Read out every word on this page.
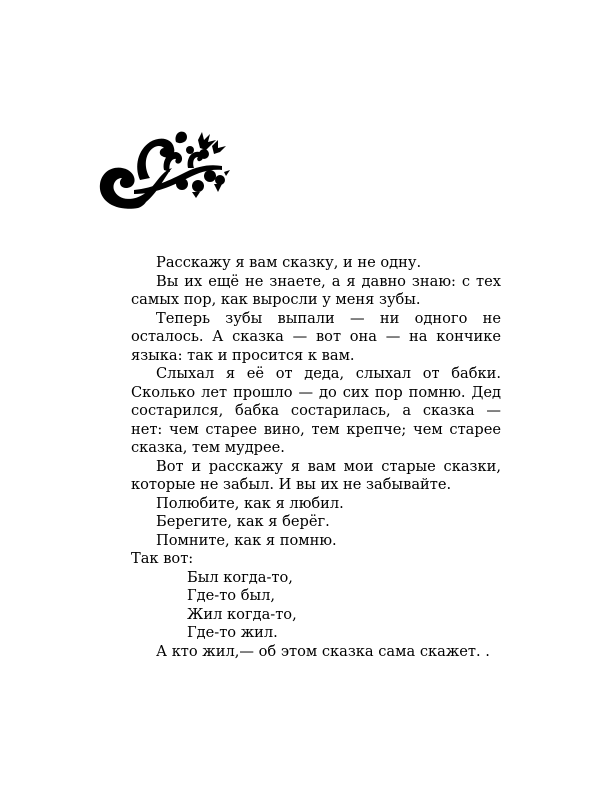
Расскажу я вам сказку, и не одну.

Вы их ещё не знаете, а я давно знаю: с тех самых пор, как выросли у меня зубы.

Теперь зубы выпали — ни одного не осталось. А сказка — вот она — на кончике языка: так и просится к вам.

Слыхал я её от деда, слыхал от бабки. Сколько лет прошло — до сих пор помню. Дед состарился, бабка состарилась, а сказка — нет: чем старее вино, тем крепче; чем старее сказка, тем мудрее.

Вот и расскажу я вам мои старые сказки, которые не забыл. И вы их не забывайте.

Полюбите, как я любил.

Берегите, как я берёг.

Помните, как я помню.

Так вот:

Был когда-то,

Где-то был,

Жил когда-то,

Где-то жил.

А кто жил,— об этом сказка сама скажет. .
